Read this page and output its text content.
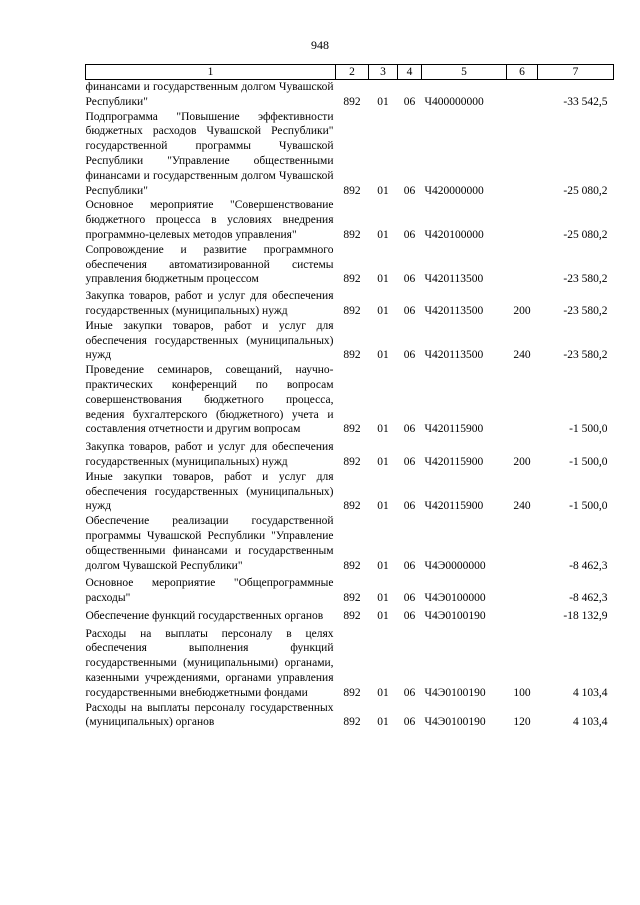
948
1	2	3	4	5	6	7
финансами и государственным долгом Чувашской Республики"	892	01	06	Ч400000000		-33 542,5
Подпрограмма "Повышение эффективности бюджетных расходов Чувашской Республики" государственной программы Чувашской Республики "Управление общественными финансами и государственным долгом Чувашской Республики"	892	01	06	Ч420000000		-25 080,2
Основное мероприятие "Совершенствование бюджетного процесса в условиях внедрения программно-целевых методов управления"	892	01	06	Ч420100000		-25 080,2
Сопровождение и развитие программного обеспечения автоматизированной системы управления бюджетным процессом	892	01	06	Ч420113500		-23 580,2
Закупка товаров, работ и услуг для обеспечения государственных (муниципальных) нужд	892	01	06	Ч420113500	200	-23 580,2
Иные закупки товаров, работ и услуг для обеспечения государственных (муниципальных) нужд	892	01	06	Ч420113500	240	-23 580,2
Проведение семинаров, совещаний, научно-практических конференций по вопросам совершенствования бюджетного процесса, ведения бухгалтерского (бюджетного) учета и составления отчетности и другим вопросам	892	01	06	Ч420115900		-1 500,0
Закупка товаров, работ и услуг для обеспечения государственных (муниципальных) нужд	892	01	06	Ч420115900	200	-1 500,0
Иные закупки товаров, работ и услуг для обеспечения государственных (муниципальных) нужд	892	01	06	Ч420115900	240	-1 500,0
Обеспечение реализации государственной программы Чувашской Республики "Управление общественными финансами и государственным долгом Чувашской Республики"	892	01	06	Ч4Э0000000		-8 462,3
Основное мероприятие "Общепрограммные расходы"	892	01	06	Ч4Э0100000		-8 462,3
Обеспечение функций государственных органов	892	01	06	Ч4Э0100190		-18 132,9
Расходы на выплаты персоналу в целях обеспечения выполнения функций государственными (муниципальными) органами, казенными учреждениями, органами управления государственными внебюджетными фондами	892	01	06	Ч4Э0100190	100	4 103,4
Расходы на выплаты персоналу государственных (муниципальных) органов	892	01	06	Ч4Э0100190	120	4 103,4
